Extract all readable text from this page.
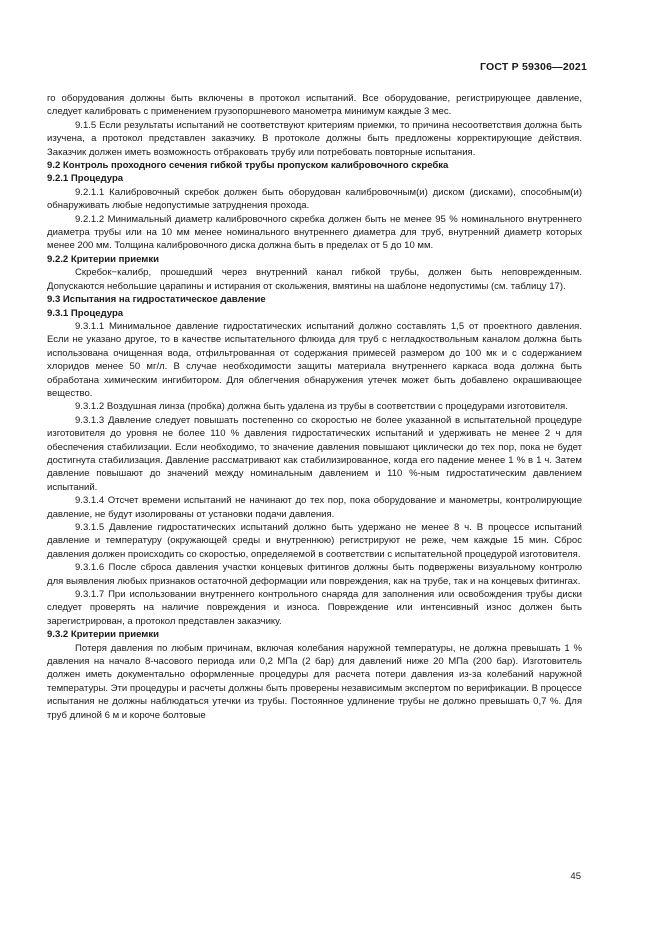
ГОСТ Р 59306—2021

го оборудования должны быть включены в протокол испытаний. Все оборудование, регистрирующее давление, следует калибровать с применением грузопоршневого манометра минимум каждые 3 мес.

9.1.5 Если результаты испытаний не соответствуют критериям приемки, то причина несоответствия должна быть изучена, а протокол представлен заказчику. В протоколе должны быть предложены корректирующие действия. Заказчик должен иметь возможность отбраковать трубу или потребовать повторные испытания.

9.2 Контроль проходного сечения гибкой трубы пропуском калибровочного скребка

9.2.1 Процедура

9.2.1.1 Калибровочный скребок должен быть оборудован калибровочным(и) диском (дисками), способным(и) обнаруживать любые недопустимые затруднения прохода.

9.2.1.2 Минимальный диаметр калибровочного скребка должен быть не менее 95 % номинального внутреннего диаметра трубы или на 10 мм менее номинального внутреннего диаметра для труб, внутренний диаметр которых менее 200 мм. Толщина калибровочного диска должна быть в пределах от 5 до 10 мм.

9.2.2 Критерии приемки

Скребок−калибр, прошедший через внутренний канал гибкой трубы, должен быть неповрежденным. Допускаются небольшие царапины и истирания от скольжения, вмятины на шаблоне недопустимы (см. таблицу 17).

9.3 Испытания на гидростатическое давление

9.3.1 Процедура

9.3.1.1 Минимальное давление гидростатических испытаний должно составлять 1,5 от проектного давления. Если не указано другое, то в качестве испытательного флюида для труб с негладкоствольным каналом должна быть использована очищенная вода, отфильтрованная от содержания примесей размером до 100 мк и с содержанием хлоридов менее 50 мг/л. В случае необходимости защиты материала внутреннего каркаса вода должна быть обработана химическим ингибитором. Для облегчения обнаружения утечек может быть добавлено окрашивающее вещество.

9.3.1.2 Воздушная линза (пробка) должна быть удалена из трубы в соответствии с процедурами изготовителя.

9.3.1.3 Давление следует повышать постепенно со скоростью не более указанной в испытательной процедуре изготовителя до уровня не более 110 % давления гидростатических испытаний и удерживать не менее 2 ч для обеспечения стабилизации. Если необходимо, то значение давления повышают циклически до тех пор, пока не будет достигнута стабилизация. Давление рассматривают как стабилизированное, когда его падение менее 1 % в 1 ч. Затем давление повышают до значений между номинальным давлением и 110 %-ным гидростатическим давлением испытаний.

9.3.1.4 Отсчет времени испытаний не начинают до тех пор, пока оборудование и манометры, контролирующие давление, не будут изолированы от установки подачи давления.

9.3.1.5 Давление гидростатических испытаний должно быть удержано не менее 8 ч. В процессе испытаний давление и температуру (окружающей среды и внутреннюю) регистрируют не реже, чем каждые 15 мин. Сброс давления должен происходить со скоростью, определяемой в соответствии с испытательной процедурой изготовителя.

9.3.1.6 После сброса давления участки концевых фитингов должны быть подвержены визуальному контролю для выявления любых признаков остаточной деформации или повреждения, как на трубе, так и на концевых фитингах.

9.3.1.7 При использовании внутреннего контрольного снаряда для заполнения или освобождения трубы диски следует проверять на наличие повреждения и износа. Повреждение или интенсивный износ должен быть зарегистрирован, а протокол представлен заказчику.

9.3.2 Критерии приемки

Потеря давления по любым причинам, включая колебания наружной температуры, не должна превышать 1 % давления на начало 8-часового периода или 0,2 МПа (2 бар) для давлений ниже 20 МПа (200 бар). Изготовитель должен иметь документально оформленные процедуры для расчета потери давления из-за колебаний наружной температуры. Эти процедуры и расчеты должны быть проверены независимым экспертом по верификации. В процессе испытания не должны наблюдаться утечки из трубы. Постоянное удлинение трубы не должно превышать 0,7 %. Для труб длиной 6 м и короче болтовые

45
